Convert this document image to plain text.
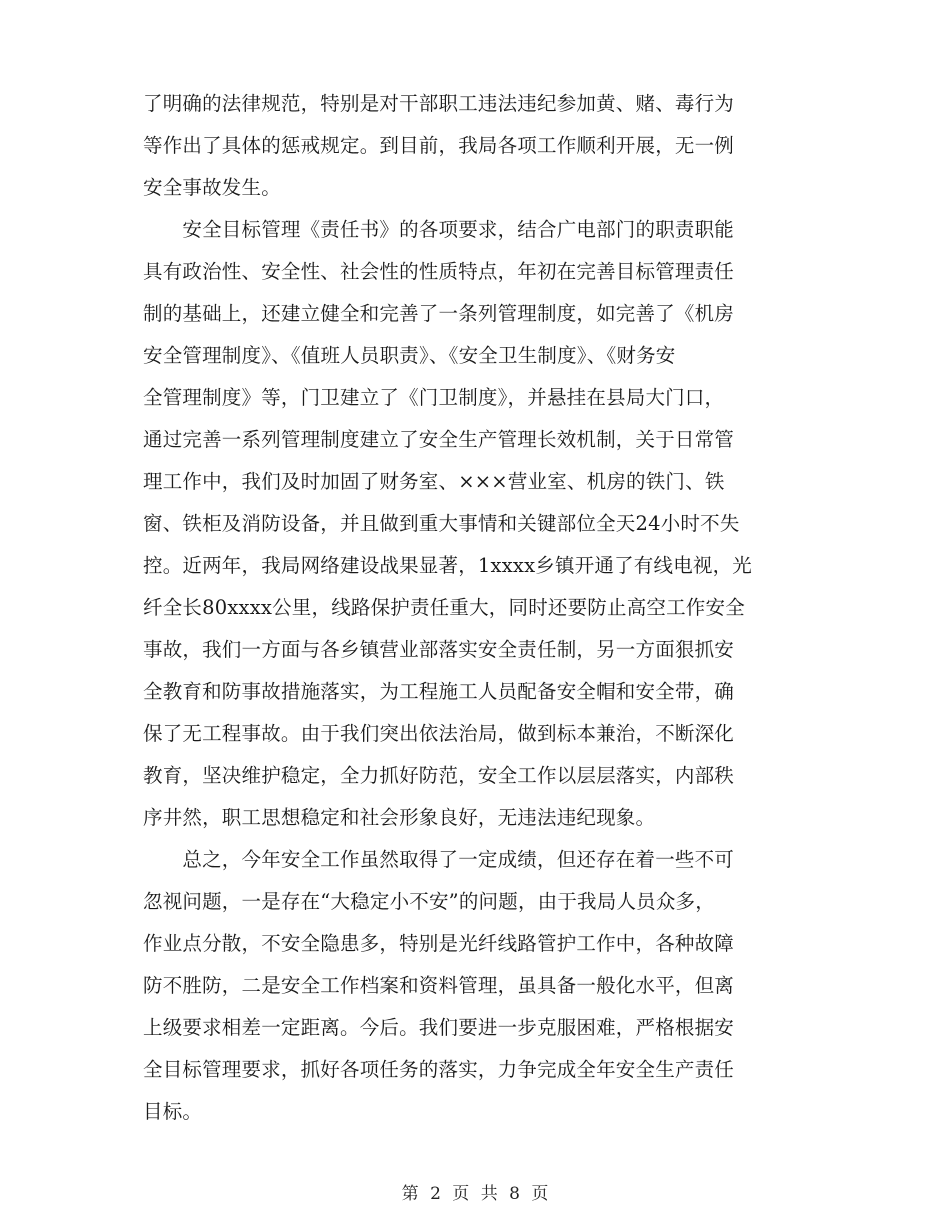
了明确的法律规范，特别是对干部职工违法违纪参加黄、赌、毒行为
等作出了具体的惩戒规定。到目前，我局各项工作顺利开展，无一例
安全事故发生。
　　安全目标管理《责任书》的各项要求，结合广电部门的职责职能
具有政治性、安全性、社会性的性质特点，年初在完善目标管理责任
制的基础上，还建立健全和完善了一条列管理制度，如完善了《机房
安全管理制度》、《值班人员职责》、《安全卫生制度》、《财务安
全管理制度》等，门卫建立了《门卫制度》，并悬挂在县局大门口，
通过完善一系列管理制度建立了安全生产管理长效机制，关于日常管
理工作中，我们及时加固了财务室、×××营业室、机房的铁门、铁
窗、铁柜及消防设备，并且做到重大事情和关键部位全天24小时不失
控。近两年，我局网络建设战果显著，1xxxx乡镇开通了有线电视，光
纤全长80xxxx公里，线路保护责任重大，同时还要防止高空工作安全
事故，我们一方面与各乡镇营业部落实安全责任制，另一方面狠抓安
全教育和防事故措施落实，为工程施工人员配备安全帽和安全带，确
保了无工程事故。由于我们突出依法治局，做到标本兼治，不断深化
教育，坚决维护稳定，全力抓好防范，安全工作以层层落实，内部秩
序井然，职工思想稳定和社会形象良好，无违法违纪现象。
　　总之，今年安全工作虽然取得了一定成绩，但还存在着一些不可
忽视问题，一是存在“大稳定小不安”的问题，由于我局人员众多，
作业点分散，不安全隐患多，特别是光纤线路管护工作中，各种故障
防不胜防，二是安全工作档案和资料管理，虽具备一般化水平，但离
上级要求相差一定距离。今后。我们要进一步克服困难，严格根据安
全目标管理要求，抓好各项任务的落实，力争完成全年安全生产责任
目标。
第 2 页 共 8 页
